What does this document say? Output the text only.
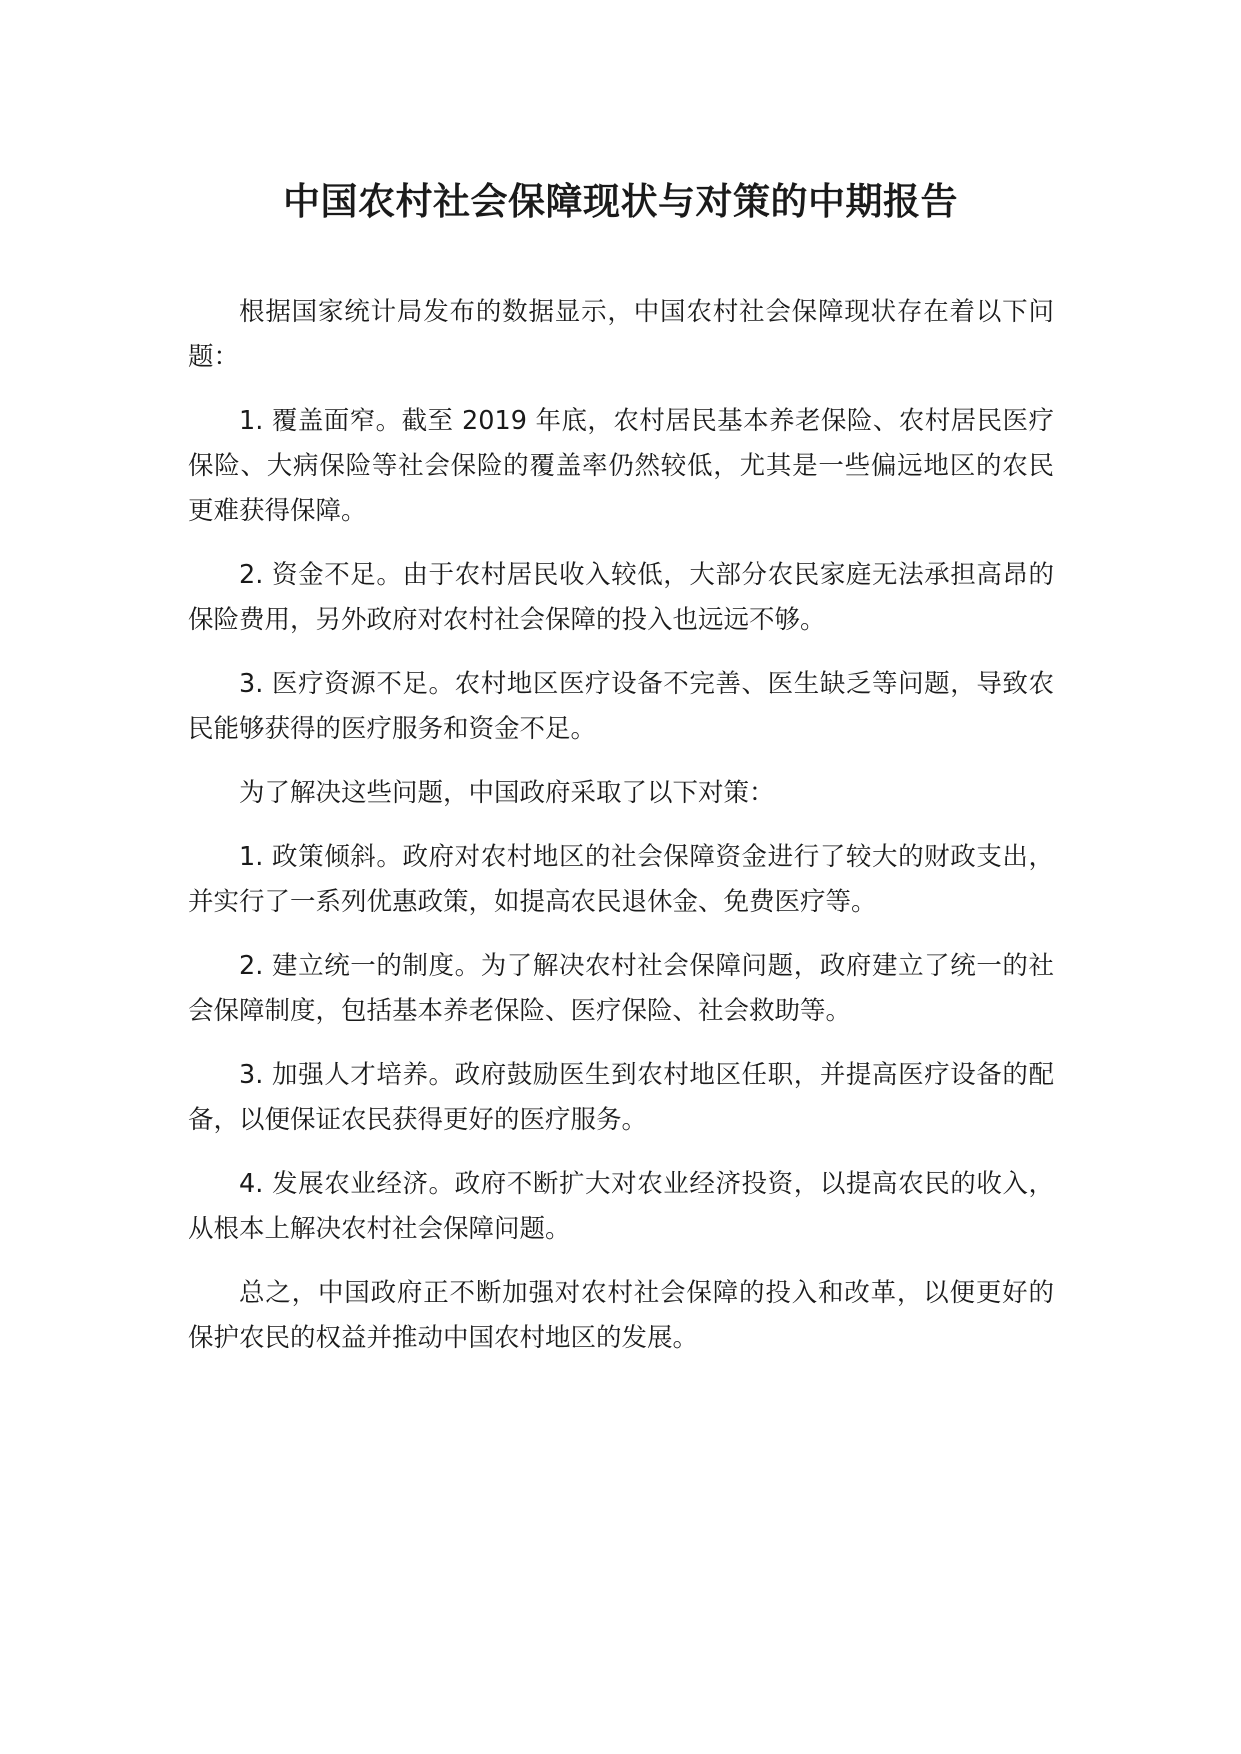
中国农村社会保障现状与对策的中期报告

根据国家统计局发布的数据显示，中国农村社会保障现状存在着以下问题：

1. 覆盖面窄。截至 2019 年底，农村居民基本养老保险、农村居民医疗保险、大病保险等社会保险的覆盖率仍然较低，尤其是一些偏远地区的农民更难获得保障。

2. 资金不足。由于农村居民收入较低，大部分农民家庭无法承担高昂的保险费用，另外政府对农村社会保障的投入也远远不够。

3. 医疗资源不足。农村地区医疗设备不完善、医生缺乏等问题，导致农民能够获得的医疗服务和资金不足。

为了解决这些问题，中国政府采取了以下对策：

1. 政策倾斜。政府对农村地区的社会保障资金进行了较大的财政支出，并实行了一系列优惠政策，如提高农民退休金、免费医疗等。

2. 建立统一的制度。为了解决农村社会保障问题，政府建立了统一的社会保障制度，包括基本养老保险、医疗保险、社会救助等。

3. 加强人才培养。政府鼓励医生到农村地区任职，并提高医疗设备的配备，以便保证农民获得更好的医疗服务。

4. 发展农业经济。政府不断扩大对农业经济投资，以提高农民的收入，从根本上解决农村社会保障问题。

总之，中国政府正不断加强对农村社会保障的投入和改革，以便更好的保护农民的权益并推动中国农村地区的发展。
